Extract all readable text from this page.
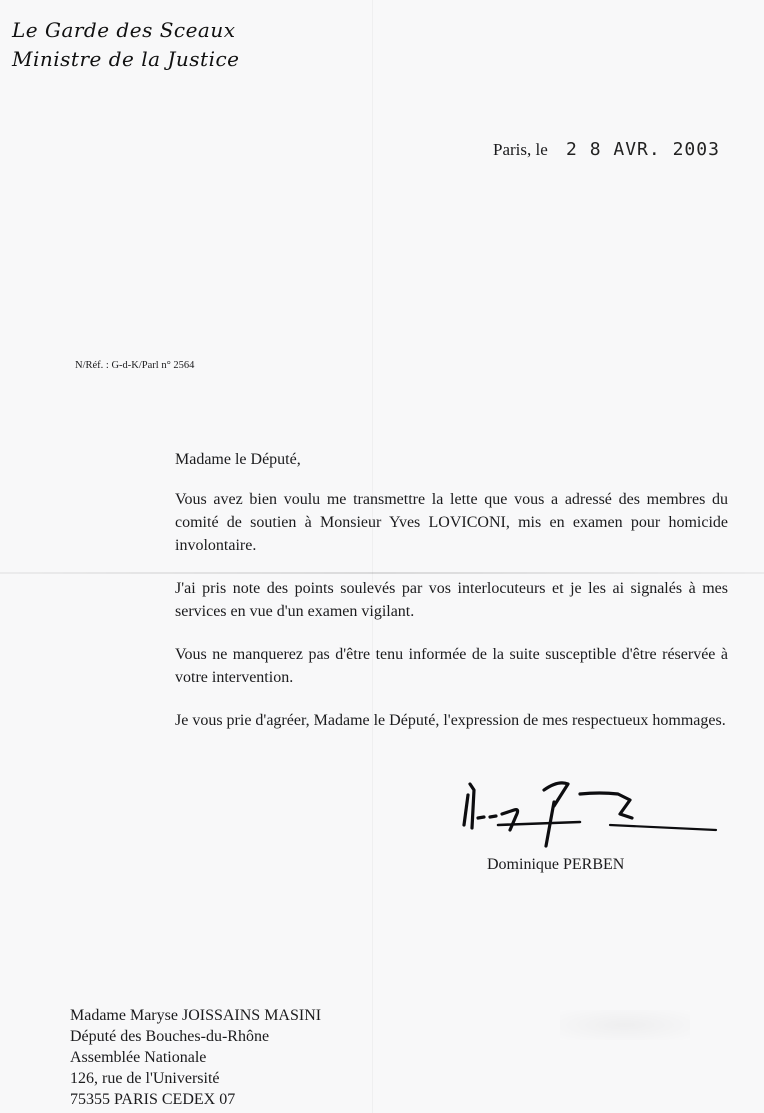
Le Garde des Sceaux
Ministre de la Justice
Paris, le 2 8 AVR. 2003
N/Réf. : G-d-K/Parl n° 2564

Madame le Député,

Vous avez bien voulu me transmettre la lette que vous a adressé des membres du comité de soutien à Monsieur Yves LOVICONI, mis en examen pour homicide involontaire.

J'ai pris note des points soulevés par vos interlocuteurs et je les ai signalés à mes services en vue d'un examen vigilant.

Vous ne manquerez pas d'être tenu informée de la suite susceptible d'être réservée à votre intervention.

Je vous prie d'agréer, Madame le Député, l'expression de mes respectueux hommages.

Dominique PERBEN
Madame Maryse JOISSAINS MASINI
Député des Bouches-du-Rhône
Assemblée Nationale
126, rue de l'Université
75355 PARIS CEDEX 07
